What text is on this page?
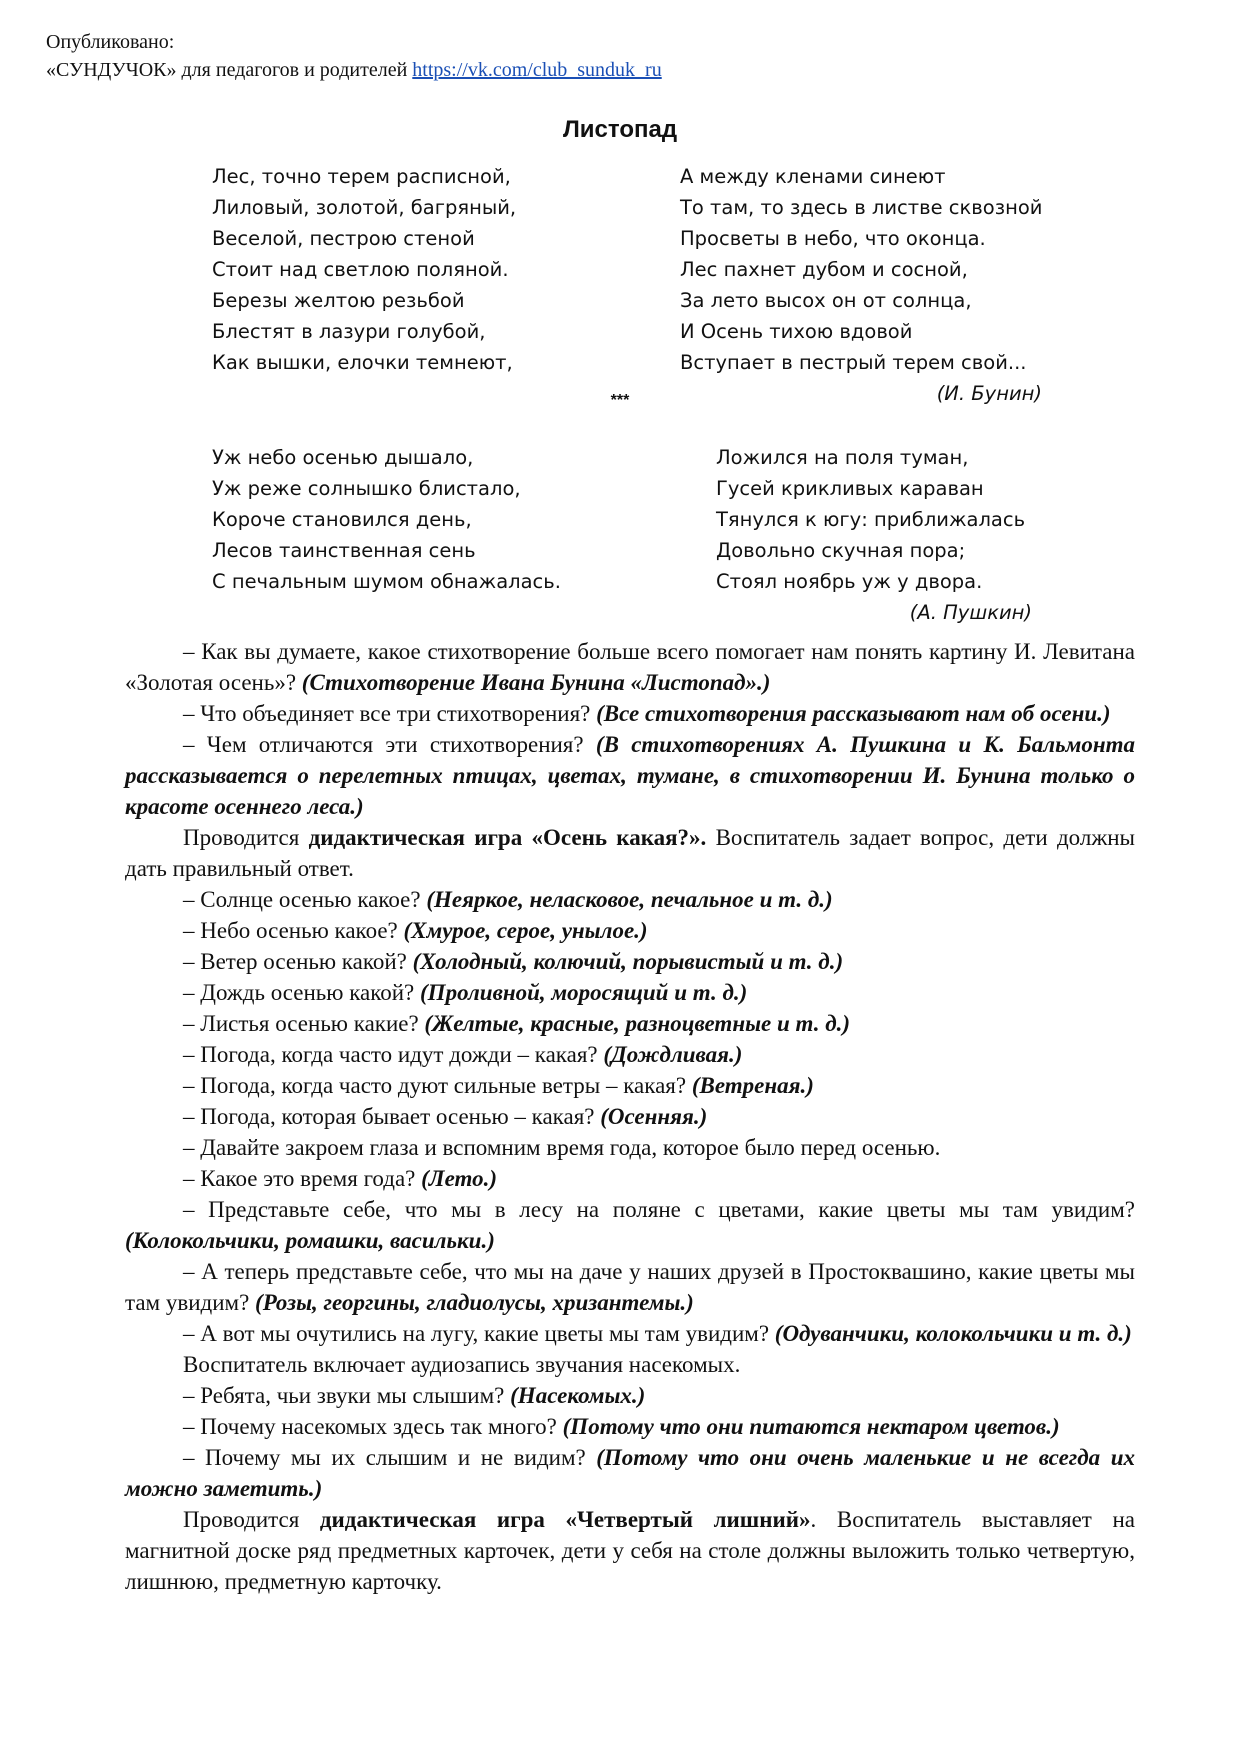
Опубликовано:
«СУНДУЧОК» для педагогов и родителей https://vk.com/club_sunduk_ru
Листопад
Лес, точно терем расписной,
Лиловый, золотой, багряный,
Веселой, пестрою стеной
Стоит над светлою поляной.
Березы желтою резьбой
Блестят в лазури голубой,
Как вышки, елочки темнеют,
А между кленами синеют
То там, то здесь в листве сквозной
Просветы в небо, что оконца.
Лес пахнет дубом и сосной,
За лето высох он от солнца,
И Осень тихою вдовой
Вступает в пестрый терем свой...
(И. Бунин)
***
Уж небо осенью дышало,
Уж реже солнышко блистало,
Короче становился день,
Лесов таинственная сень
С печальным шумом обнажалась.
Ложился на поля туман,
Гусей крикливых караван
Тянулся к югу: приближалась
Довольно скучная пора;
Стоял ноябрь уж у двора.
(А. Пушкин)

– Как вы думаете, какое стихотворение больше всего помогает нам понять картину И. Левитана «Золотая осень»? (Стихотворение Ивана Бунина «Листопад».)

– Что объединяет все три стихотворения? (Все стихотворения рассказывают нам об осени.)

– Чем отличаются эти стихотворения? (В стихотворениях А. Пушкина и К. Бальмонта рассказывается о перелетных птицах, цветах, тумане, в стихотворении И. Бунина только о красоте осеннего леса.)

Проводится дидактическая игра «Осень какая?». Воспитатель задает вопрос, дети должны дать правильный ответ.

– Солнце осенью какое? (Неяркое, неласковое, печальное и т. д.)

– Небо осенью какое? (Хмурое, серое, унылое.)

– Ветер осенью какой? (Холодный, колючий, порывистый и т. д.)

– Дождь осенью какой? (Проливной, моросящий и т. д.)

– Листья осенью какие? (Желтые, красные, разноцветные и т. д.)

– Погода, когда часто идут дожди – какая? (Дождливая.)

– Погода, когда часто дуют сильные ветры – какая? (Ветреная.)

– Погода, которая бывает осенью – какая? (Осенняя.)

– Давайте закроем глаза и вспомним время года, которое было перед осенью.

– Какое это время года? (Лето.)

– Представьте себе, что мы в лесу на поляне с цветами, какие цветы мы там увидим? (Колокольчики, ромашки, васильки.)

– А теперь представьте себе, что мы на даче у наших друзей в Простоквашино, какие цветы мы там увидим? (Розы, георгины, гладиолусы, хризантемы.)

– А вот мы очутились на лугу, какие цветы мы там увидим? (Одуванчики, колокольчики и т. д.)

Воспитатель включает аудиозапись звучания насекомых.

– Ребята, чьи звуки мы слышим? (Насекомых.)

– Почему насекомых здесь так много? (Потому что они питаются нектаром цветов.)

– Почему мы их слышим и не видим? (Потому что они очень маленькие и не всегда их можно заметить.)

Проводится дидактическая игра «Четвертый лишний». Воспитатель выставляет на магнитной доске ряд предметных карточек, дети у себя на столе должны выложить только четвертую, лишнюю, предметную карточку.
